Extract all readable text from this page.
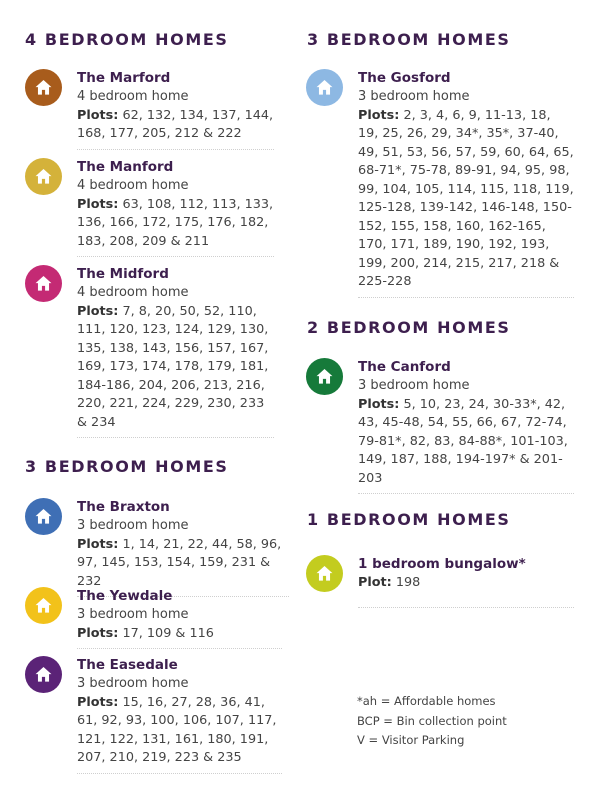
4 BEDROOM HOMES
The Marford
4 bedroom home
Plots: 62, 132, 134, 137, 144, 168, 177, 205, 212 & 222
The Manford
4 bedroom home
Plots: 63, 108, 112, 113, 133, 136, 166, 172, 175, 176, 182, 183, 208, 209 & 211
The Midford
4 bedroom home
Plots: 7, 8, 20, 50, 52, 110, 111, 120, 123, 124, 129, 130, 135, 138, 143, 156, 157, 167, 169, 173, 174, 178, 179, 181, 184-186, 204, 206, 213, 216, 220, 221, 224, 229, 230, 233 & 234
3 BEDROOM HOMES
The Braxton
3 bedroom home
Plots: 1, 14, 21, 22, 44, 58, 96, 97, 145, 153, 154, 159, 231 & 232
The Yewdale
3 bedroom home
Plots: 17, 109 & 116
The Easedale
3 bedroom home
Plots: 15, 16, 27, 28, 36, 41, 61, 92, 93, 100, 106, 107, 117, 121, 122, 131, 161, 180, 191, 207, 210, 219, 223 & 235
3 BEDROOM HOMES
The Gosford
3 bedroom home
Plots: 2, 3, 4, 6, 9, 11-13, 18, 19, 25, 26, 29, 34*, 35*, 37-40, 49, 51, 53, 56, 57, 59, 60, 64, 65, 68-71*, 75-78, 89-91, 94, 95, 98, 99, 104, 105, 114, 115, 118, 119, 125-128, 139-142, 146-148, 150-152, 155, 158, 160, 162-165, 170, 171, 189, 190, 192, 193, 199, 200, 214, 215, 217, 218 & 225-228
2 BEDROOM HOMES
The Canford
3 bedroom home
Plots: 5, 10, 23, 24, 30-33*, 42, 43, 45-48, 54, 55, 66, 67, 72-74, 79-81*, 82, 83, 84-88*, 101-103, 149, 187, 188, 194-197* & 201-203
1 BEDROOM HOMES
1 bedroom bungalow*
Plot: 198
*ah = Affordable homes
BCP = Bin collection point
V = Visitor Parking
